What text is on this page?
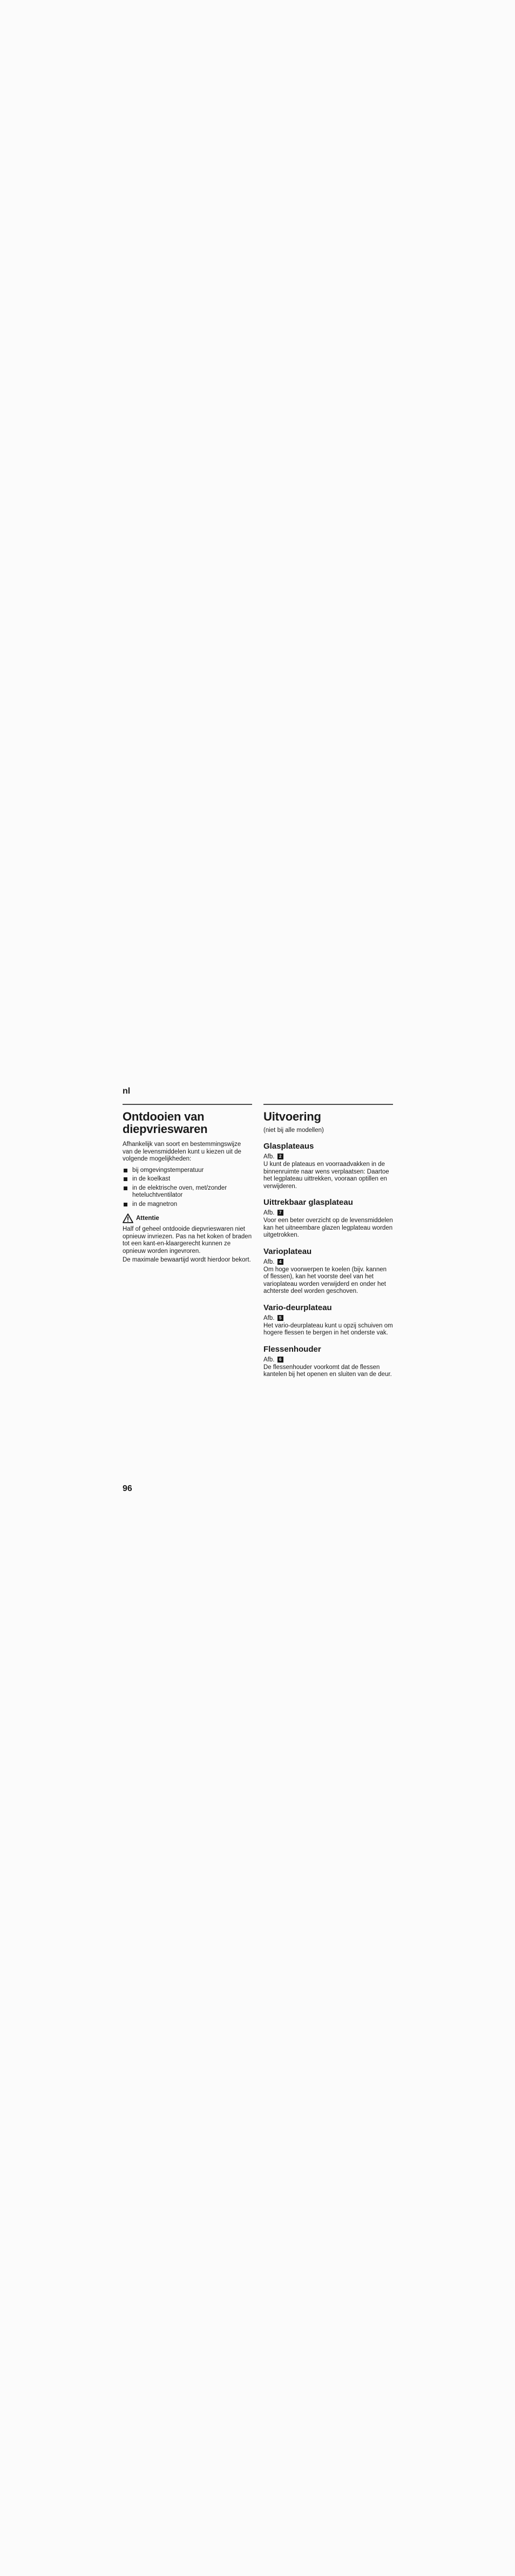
nl
Ontdooien van diepvrieswaren

Afhankelijk van soort en bestemmingswijze van de levensmiddelen kunt u kiezen uit de volgende mogelijkheden:

bij omgevingstemperatuur
in de koelkast
in de elektrische oven, met/zonder heteluchtventilator
in de magnetron
Attentie

Half of geheel ontdooide diepvrieswaren niet opnieuw invriezen. Pas na het koken of braden tot een kant-en-klaargerecht kunnen ze opnieuw worden ingevroren.

De maximale bewaartijd wordt hierdoor bekort.

Uitvoering
(niet bij alle modellen)
Glasplateaus
Afb. 2

U kunt de plateaus en voorraadvakken in de binnenruimte naar wens verplaatsen: Daartoe het legplateau uittrekken, vooraan optillen en verwijderen.

Uittrekbaar glasplateau
Afb. 7

Voor een beter overzicht op de levensmiddelen kan het uitneembare glazen legplateau worden uitgetrokken.

Varioplateau
Afb. 4

Om hoge voorwerpen te koelen (bijv. kannen of flessen), kan het voorste deel van het varioplateau worden verwijderd en onder het achterste deel worden geschoven.

Vario-deurplateau
Afb. 5

Het vario-deurplateau kunt u opzij schuiven om hogere flessen te bergen in het onderste vak.

Flessenhouder
Afb. 6

De flessenhouder voorkomt dat de flessen kantelen bij het openen en sluiten van de deur.

96
